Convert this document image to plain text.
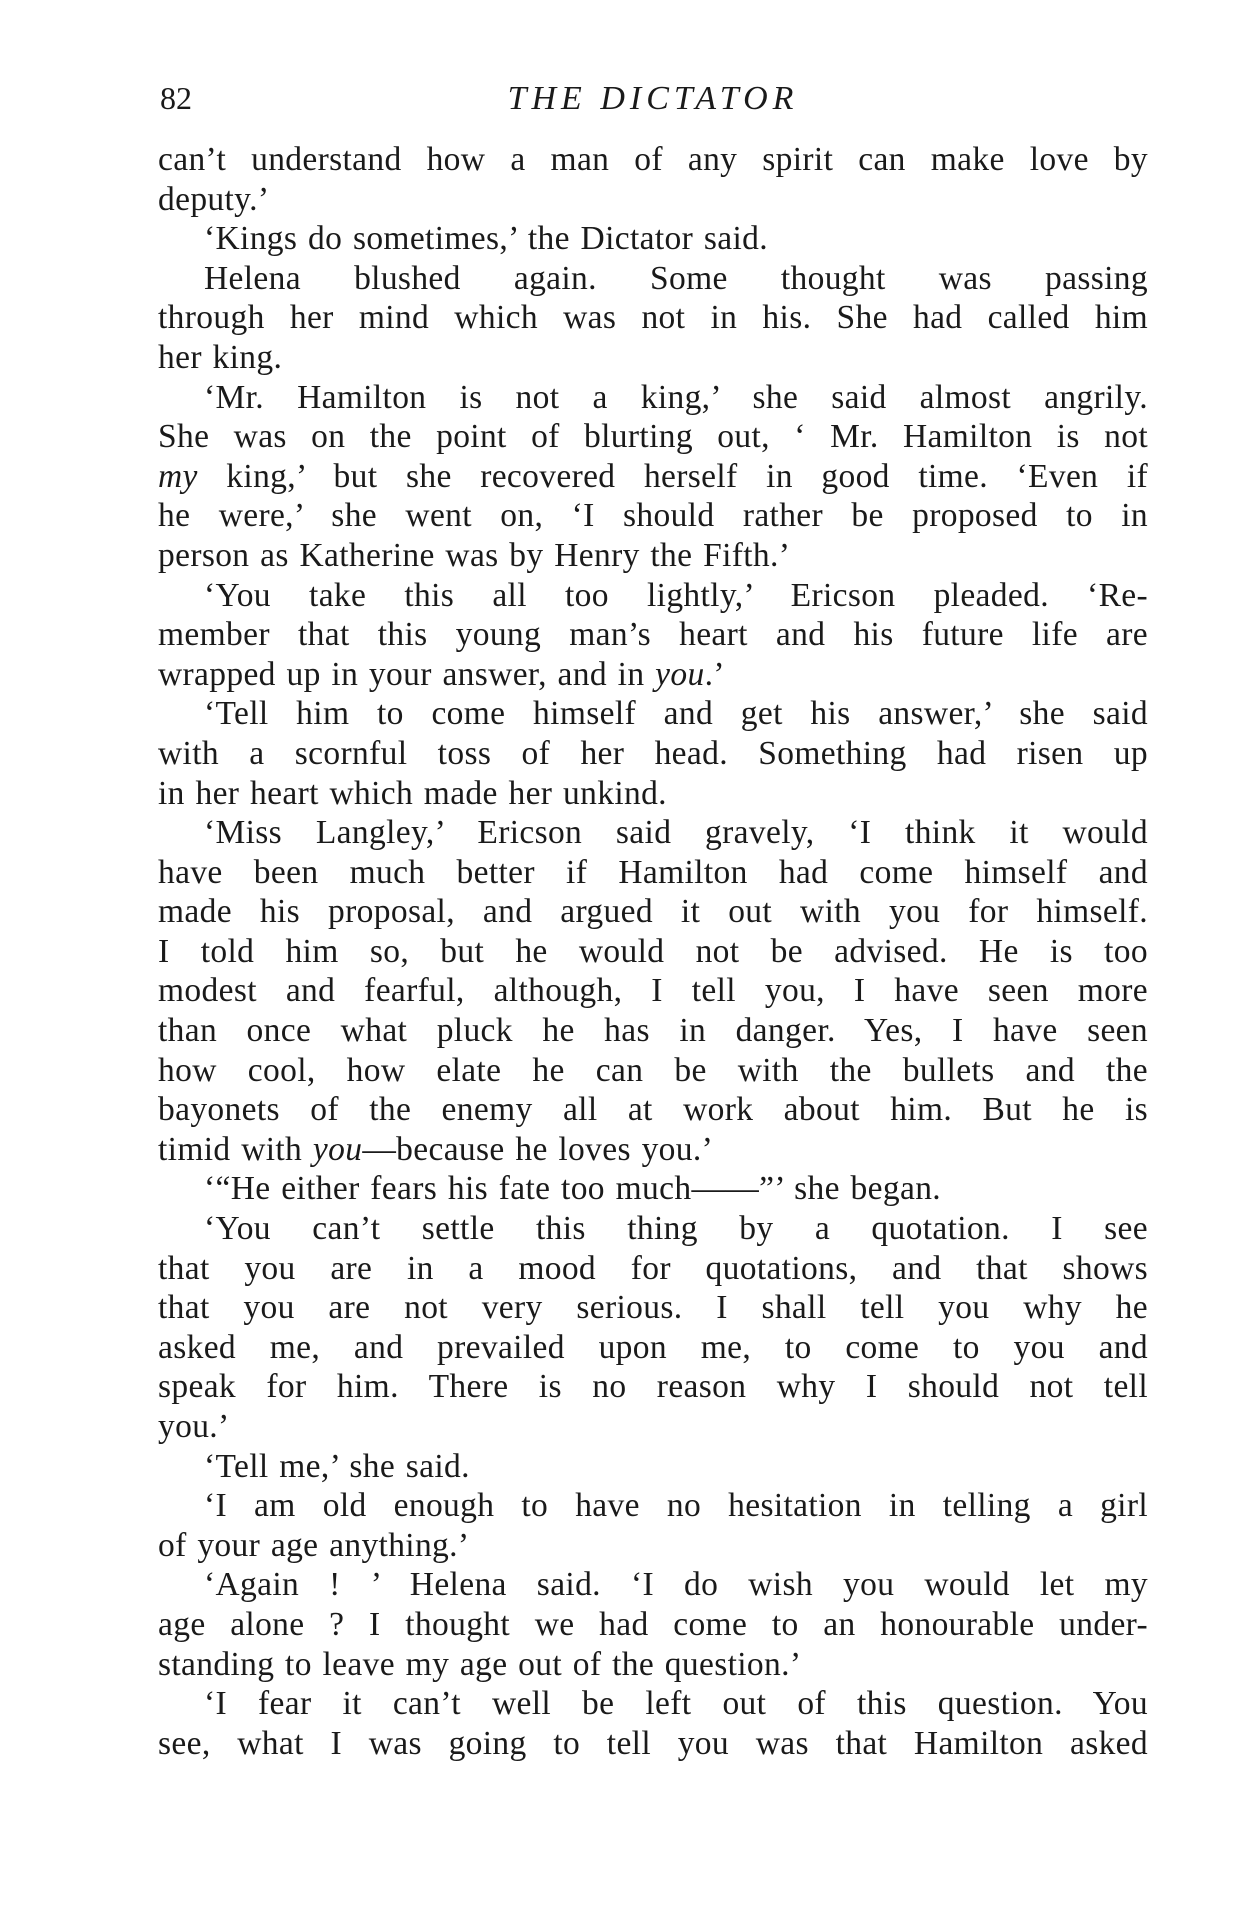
82	THE DICTATOR

can’t understand how a man of any spirit can make love by
deputy.’

‘Kings do sometimes,’ the Dictator said.

Helena blushed again. Some thought was passing
through her mind which was not in his. She had called him
her king.

‘Mr. Hamilton is not a king,’ she said almost angrily.
She was on the point of blurting out, ‘ Mr. Hamilton is not
my king,’ but she recovered herself in good time. ‘Even if
he were,’ she went on, ‘I should rather be proposed to in
person as Katherine was by Henry the Fifth.’

‘You take this all too lightly,’ Ericson pleaded. ‘Re-
member that this young man’s heart and his future life are
wrapped up in your answer, and in you.’

‘Tell him to come himself and get his answer,’ she said
with a scornful toss of her head. Something had risen up
in her heart which made her unkind.

‘Miss Langley,’ Ericson said gravely, ‘I think it would
have been much better if Hamilton had come himself and
made his proposal, and argued it out with you for himself.
I told him so, but he would not be advised. He is too
modest and fearful, although, I tell you, I have seen more
than once what pluck he has in danger. Yes, I have seen
how cool, how elate he can be with the bullets and the
bayonets of the enemy all at work about him. But he is
timid with you—because he loves you.’

‘“He either fears his fate too much——”’ she began.

‘You can’t settle this thing by a quotation. I see
that you are in a mood for quotations, and that shows
that you are not very serious. I shall tell you why he
asked me, and prevailed upon me, to come to you and
speak for him. There is no reason why I should not tell
you.’

‘Tell me,’ she said.

‘I am old enough to have no hesitation in telling a girl
of your age anything.’

‘Again ! ’ Helena said. ‘I do wish you would let my
age alone ? I thought we had come to an honourable under-
standing to leave my age out of the question.’

‘I fear it can’t well be left out of this question. You
see, what I was going to tell you was that Hamilton asked
